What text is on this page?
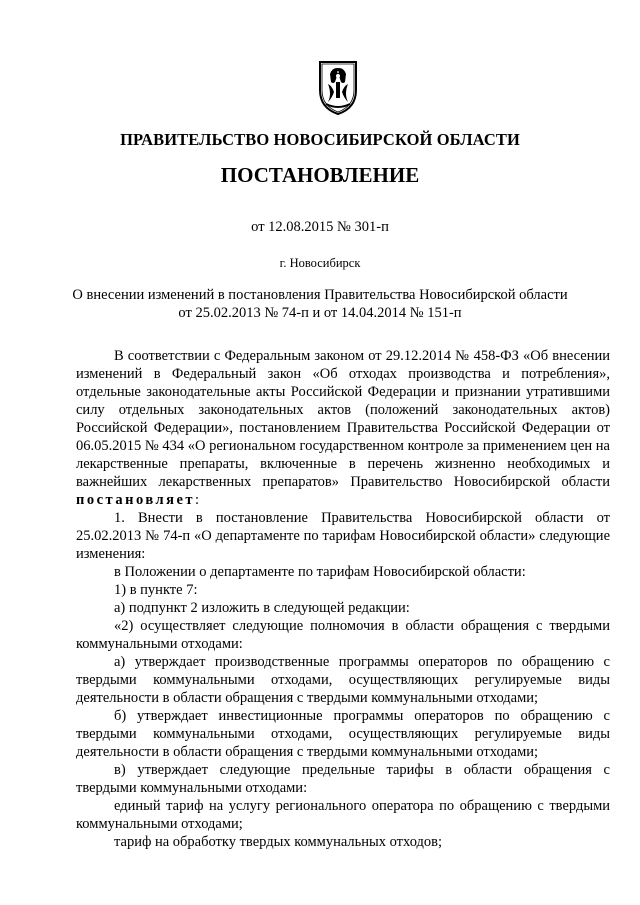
ПРАВИТЕЛЬСТВО НОВОСИБИРСКОЙ ОБЛАСТИ
ПОСТАНОВЛЕНИЕ
от 12.08.2015 № 301-п
г. Новосибирск
О внесении изменений в постановления Правительства Новосибирской области
от 25.02.2013 № 74-п и от 14.04.2014 № 151-п

В соответствии с Федеральным законом от 29.12.2014 № 458-ФЗ «Об внесении изменений в Федеральный закон «Об отходах производства и потребления», отдельные законодательные акты Российской Федерации и признании утратившими силу отдельных законодательных актов (положений законодательных актов) Российской Федерации», постановлением Правительства Российской Федерации от 06.05.2015 № 434 «О региональном государственном контроле за применением цен на лекарственные препараты, включенные в перечень жизненно необходимых и важнейших лекарственных препаратов» Правительство Новосибирской области постановляет:

1. Внести в постановление Правительства Новосибирской области от 25.02.2013 № 74-п «О департаменте по тарифам Новосибирской области» следующие изменения:

в Положении о департаменте по тарифам Новосибирской области:

1) в пункте 7:

а) подпункт 2 изложить в следующей редакции:

«2) осуществляет следующие полномочия в области обращения с твердыми коммунальными отходами:

а) утверждает производственные программы операторов по обращению с твердыми коммунальными отходами, осуществляющих регулируемые виды деятельности в области обращения с твердыми коммунальными отходами;

б) утверждает инвестиционные программы операторов по обращению с твердыми коммунальными отходами, осуществляющих регулируемые виды деятельности в области обращения с твердыми коммунальными отходами;

в) утверждает следующие предельные тарифы в области обращения с твердыми коммунальными отходами:

единый тариф на услугу регионального оператора по обращению с твердыми коммунальными отходами;

тариф на обработку твердых коммунальных отходов;
